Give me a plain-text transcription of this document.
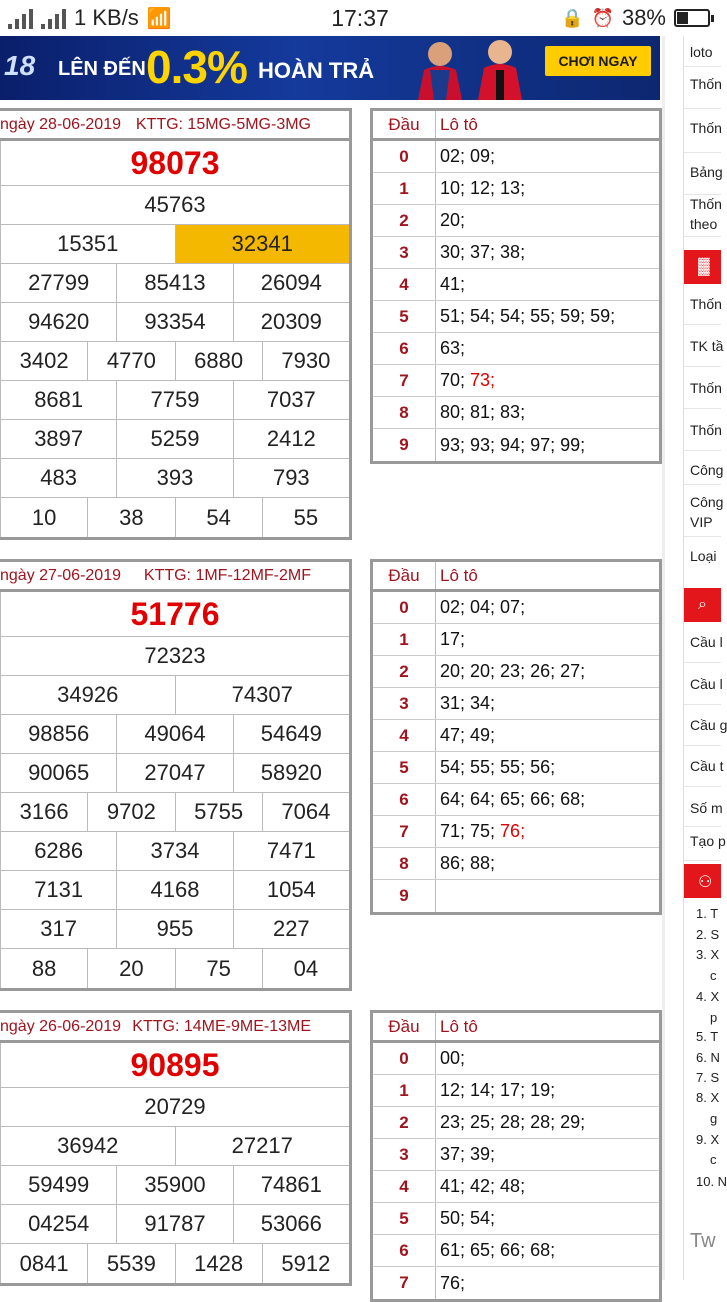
1 KB/s 📶	17:37	🔒 ⏰ 38%
18 LÊN ĐẾN 0.3% HOÀN TRẢ	CHƠI NGAY
ngày 28-06-2019 KTTG: 15MG-5MG-3MG
98073
45763
15351	32341
27799	85413	26094
94620	93354	20309
3402	4770	6880	7930
8681	7759	7037
3897	5259	2412
483	393	793
10	38	54	55
ngày 27-06-2019 KTTG: 1MF-12MF-2MF
51776
72323
34926	74307
98856	49064	54649
90065	27047	58920
3166	9702	5755	7064
6286	3734	7471
7131	4168	1054
317	955	227
88	20	75	04
ngày 26-06-2019 KTTG: 14ME-9ME-13ME
90895
20729
36942	27217
59499	35900	74861
04254	91787	53066
0841	5539	1428	5912
Đầu	Lô tô
0	02; 09;
1	10; 12; 13;
2	20;
3	30; 37; 38;
4	41;
5	51; 54; 54; 55; 59; 59;
6	63;
7	70; 73;
8	80; 81; 83;
9	93; 93; 94; 97; 99;
Đầu	Lô tô
0	02; 04; 07;
1	17;
2	20; 20; 23; 26; 27;
3	31; 34;
4	47; 49;
5	54; 55; 55; 56;
6	64; 64; 65; 66; 68;
7	71; 75; 76;
8	86; 88;
9
Đầu	Lô tô
0	00;
1	12; 14; 17; 19;
2	23; 25; 28; 28; 29;
3	37; 39;
4	41; 42; 48;
5	50; 54;
6	61; 65; 66; 68;
7	76;
loto
Thốn
Thốn
Bảng
Thốn
theo
▓
Thốn
TK tầ
Thốn
Thốn
Công
Công
VIP
Loại
⌕
Cầu l
Cầu l
Cầu g
Cầu t
Số m
Tạo p
⚇
1. T
2. S
3. X
c
4. X
p
5. T
6. N
7. S
8. X
g
9. X
c
10. N
Tw
